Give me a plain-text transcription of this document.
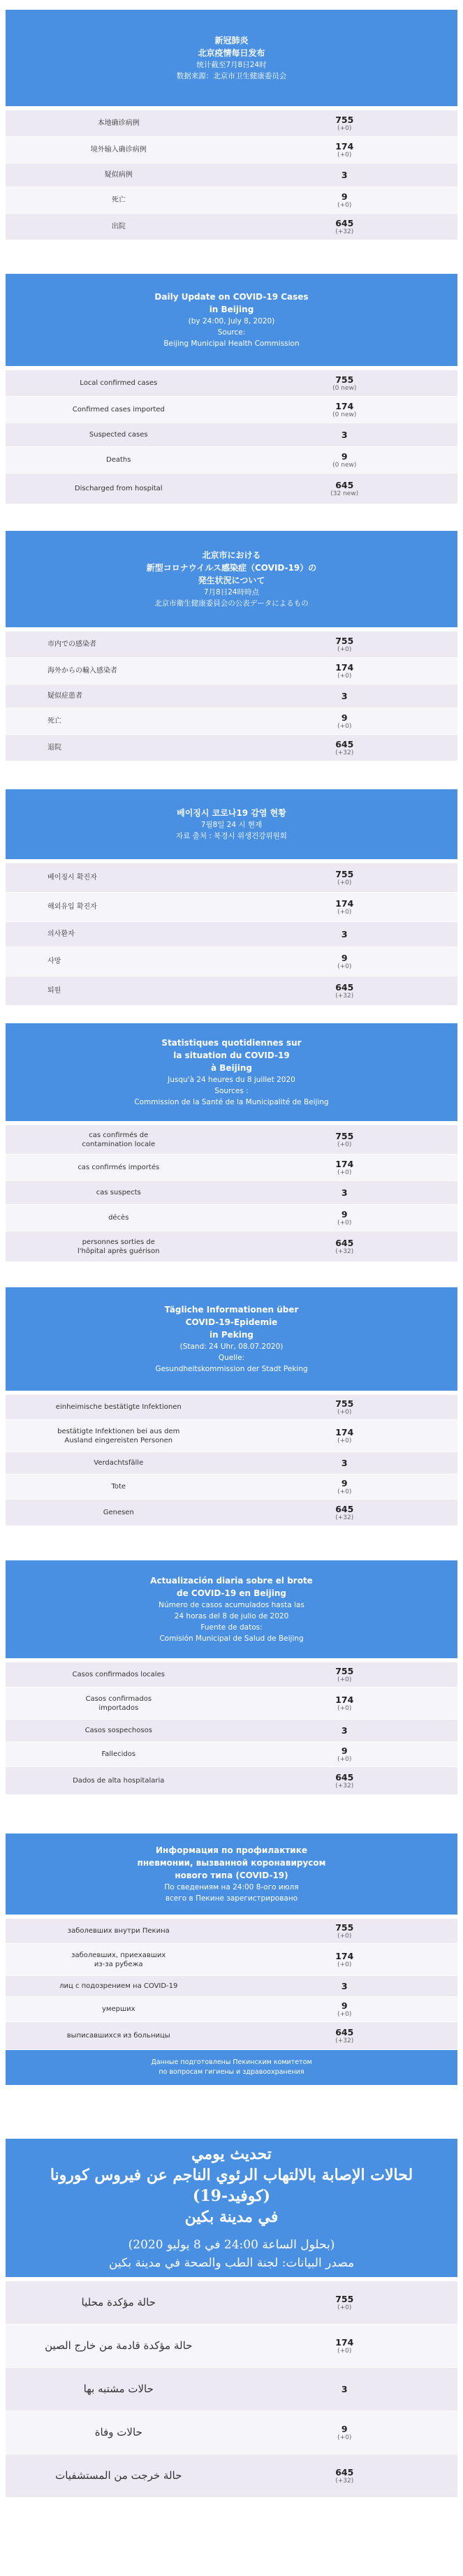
新冠肺炎
北京疫情每日发布
统计截至7月8日24时
数据来源：北京市卫生健康委员会
本地确诊病例	755
(+0)
境外输入确诊病例	174
(+0)
疑似病例	3
死亡	9
(+0)
出院	645
(+32)
Daily Update on COVID-19 Cases
in Beijing
(by 24:00, July 8, 2020)
Source:
Beijing Municipal Health Commission
Local confirmed cases	755
(0 new)
Confirmed cases imported	174
(0 new)
Suspected cases	3
Deaths	9
(0 new)
Discharged from hospital	645
(32 new)
北京市における
新型コロナウイルス感染症（COVID-19）の
発生状況について
7月8日24時時点
北京市衛生健康委員会の公表データによるもの
市内での感染者	755
(+0)
海外からの輸入感染者	174
(+0)
疑似症患者	3
死亡	9
(+0)
退院	645
(+32)
베이징시 코로나19 감염 현황
7월8일 24 시 현재
자료 출처 : 북경시 위생건강위원회
베이징시 확진자	755
(+0)
해외유입 확진자	174
(+0)
의사환자	3
사망	9
(+0)
퇴원	645
(+32)
Statistiques quotidiennes sur
la situation du COVID-19
à Beijing
Jusqu'à 24 heures du 8 juillet 2020
Sources :
Commission de la Santé de la Municipalité de Beijing
cas confirmés de
contamination locale
755
(+0)
cas confirmés importés	174
(+0)
cas suspects	3
décès	9
(+0)
personnes sorties de
l'hôpital après guérison
645
(+32)
Tägliche Informationen über
COVID-19-Epidemie
in Peking
(Stand: 24 Uhr, 08.07.2020)
Quelle:
Gesundheitskommission der Stadt Peking
einheimische bestätigte Infektionen	755
(+0)
bestätigte Infektionen bei aus dem
Ausland eingereisten Personen
174
(+0)
Verdachtsfälle	3
Tote	9
(+0)
Genesen	645
(+32)
Actualización diaria sobre el brote
de COVID-19 en Beijing
Número de casos acumulados hasta las
24 horas del 8 de julio de 2020
Fuente de datos:
Comisión Municipal de Salud de Beijing
Casos confirmados locales	755
(+0)
Casos confirmados
importados
174
(+0)
Casos sospechosos	3
Fallecidos	9
(+0)
Dados de alta hospitalaria	645
(+32)
Информация по профилактике
пневмонии, вызванной коронавирусом
нового типа (COVID-19)
По сведениям на 24:00 8-ого июля
всего в Пекине зарегистрировано
заболевших внутри Пекина	755
(+0)
заболевших, приехавших
из-за рубежа
174
(+0)
лиц с подозрением на COVID-19	3
умерших	9
(+0)
выписавшихся из больницы	645
(+32)
Данные подготовлены Пекинским комитетом
по вопросам гигиены и здравоохранения
تحديث يومي
لحالات الإصابة بالالتهاب الرئوي الناجم عن فيروس كورونا (كوفيد-19)
في مدينة بكين
(بحلول الساعة 24:00 في 8 يوليو 2020)
مصدر البيانات: لجنة الطب والصحة في مدينة بكين
حالة مؤكدة محليا	755
(+0)
حالة مؤكدة قادمة من خارج الصين	174
(+0)
حالات مشتبه بها	3
حالات وفاة	9
(+0)
حالة خرجت من المستشفيات	645
(+32)
